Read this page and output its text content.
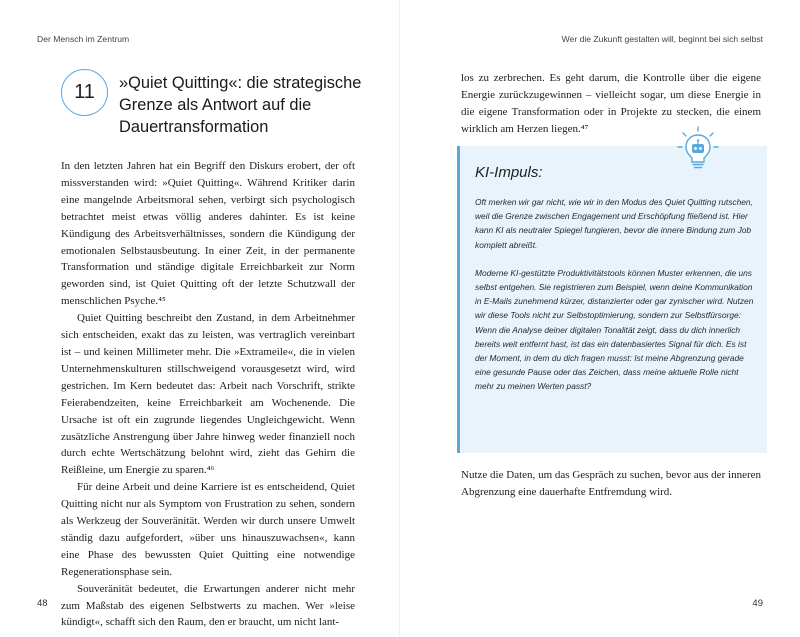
Der Mensch im Zentrum
11	»Quiet Quitting«: die strategische Grenze als Antwort auf die Dauertransformation

In den letzten Jahren hat ein Begriff den Diskurs erobert, der oft missverstanden wird: »Quiet Quitting«. Während Kritiker darin eine mangelnde Arbeitsmoral sehen, verbirgt sich psychologisch betrachtet meist etwas völlig anderes dahinter. Es ist keine Kündigung des Arbeitsverhältnisses, sondern die Kündigung der emotionalen Selbstausbeutung. In einer Zeit, in der permanente Transformation und ständige digitale Erreichbarkeit zur Norm geworden sind, ist Quiet Quitting oft der letzte Schutzwall der menschlichen Psyche.⁴⁵

Quiet Quitting beschreibt den Zustand, in dem Arbeitnehmer sich entscheiden, exakt das zu leisten, was vertraglich vereinbart ist – und keinen Millimeter mehr. Die »Extrameile«, die in vielen Unternehmenskulturen stillschweigend vorausgesetzt wird, wird gestrichen. Im Kern bedeutet das: Arbeit nach Vorschrift, strikte Feierabendzeiten, keine Erreichbarkeit am Wochenende. Die Ursache ist oft ein zugrunde liegendes Ungleichgewicht. Wenn zusätzliche Anstrengung über Jahre hinweg weder finanziell noch durch echte Wertschätzung belohnt wird, zieht das Gehirn die Reißleine, um Energie zu sparen.⁴⁶

Für deine Arbeit und deine Karriere ist es entscheidend, Quiet Quitting nicht nur als Symptom von Frustration zu sehen, sondern als Werkzeug der Souveränität. Werden wir durch unsere Umwelt ständig dazu aufgefordert, »über uns hinauszuwachsen«, kann eine Phase des bewussten Quiet Quitting eine notwendige Regenerationsphase sein.

Souveränität bedeutet, die Erwartungen anderer nicht mehr zum Maßstab des eigenen Selbstwerts zu machen. Wer »leise kündigt«, schafft sich den Raum, den er braucht, um nicht lant-

48
Wer die Zukunft gestalten will, beginnt bei sich selbst
los zu zerbrechen. Es geht darum, die Kontrolle über die eigene Energie zurückzugewinnen – vielleicht sogar, um diese Energie in die eigene Transformation oder in Projekte zu stecken, die einem wirklich am Herzen liegen.⁴⁷
KI-Impuls:

Oft merken wir gar nicht, wie wir in den Modus des Quiet Quitting rutschen, weil die Grenze zwischen Engagement und Erschöpfung fließend ist. Hier kann KI als neutraler Spiegel fungieren, bevor die innere Bindung zum Job komplett abreißt.

Moderne KI-gestützte Produktivitätstools können Muster erkennen, die uns selbst entgehen. Sie registrieren zum Beispiel, wenn deine Kommunikation in E-Mails zunehmend kürzer, distanzierter oder gar zynischer wird. Nutzen wir diese Tools nicht zur Selbstoptimierung, sondern zur Selbstfürsorge: Wenn die Analyse deiner digitalen Tonalität zeigt, dass du dich innerlich bereits weit entfernt hast, ist das ein datenbasiertes Signal für dich. Es ist der Moment, in dem du dich fragen musst: Ist meine Abgrenzung gerade eine gesunde Pause oder das Zeichen, dass meine aktuelle Rolle nicht mehr zu meinen Werten passt?

Nutze die Daten, um das Gespräch zu suchen, bevor aus der inneren Abgrenzung eine dauerhafte Entfremdung wird.
49
